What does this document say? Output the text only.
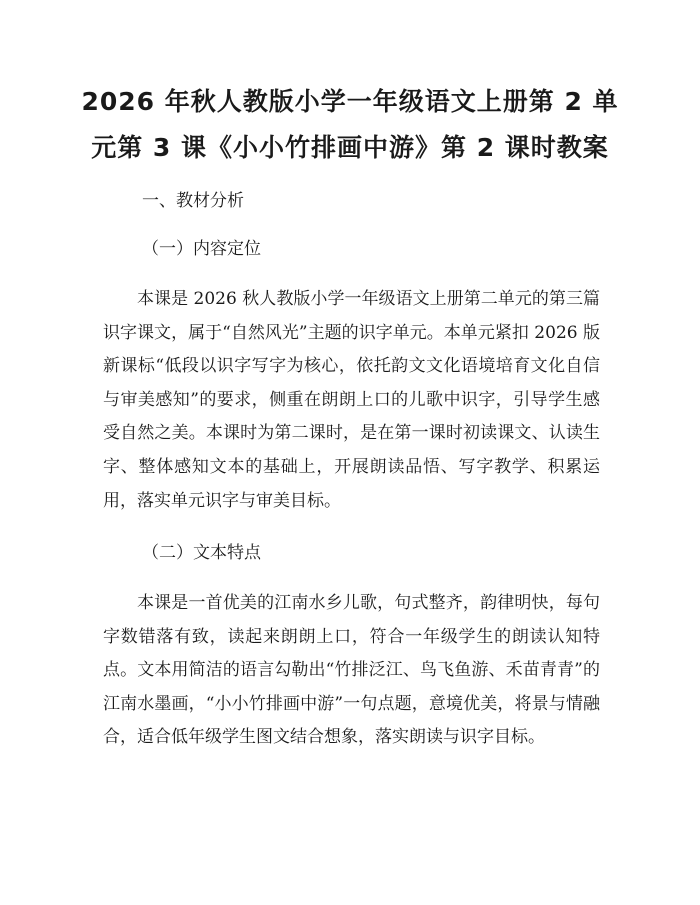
2026 年秋人教版小学一年级语文上册第 2 单
元第 3 课《小小竹排画中游》第 2 课时教案

一、教材分析

（一）内容定位

本课是 2026 秋人教版小学一年级语文上册第二单元的第三篇识字课文，属于“自然风光”主题的识字单元。本单元紧扣 2026 版新课标“低段以识字写字为核心，依托韵文文化语境培育文化自信与审美感知”的要求，侧重在朗朗上口的儿歌中识字，引导学生感受自然之美。本课时为第二课时，是在第一课时初读课文、认读生字、整体感知文本的基础上，开展朗读品悟、写字教学、积累运用，落实单元识字与审美目标。

（二）文本特点

本课是一首优美的江南水乡儿歌，句式整齐，韵律明快，每句字数错落有致，读起来朗朗上口，符合一年级学生的朗读认知特点。文本用简洁的语言勾勒出“竹排泛江、鸟飞鱼游、禾苗青青”的江南水墨画，“小小竹排画中游”一句点题，意境优美，将景与情融合，适合低年级学生图文结合想象，落实朗读与识字目标。
